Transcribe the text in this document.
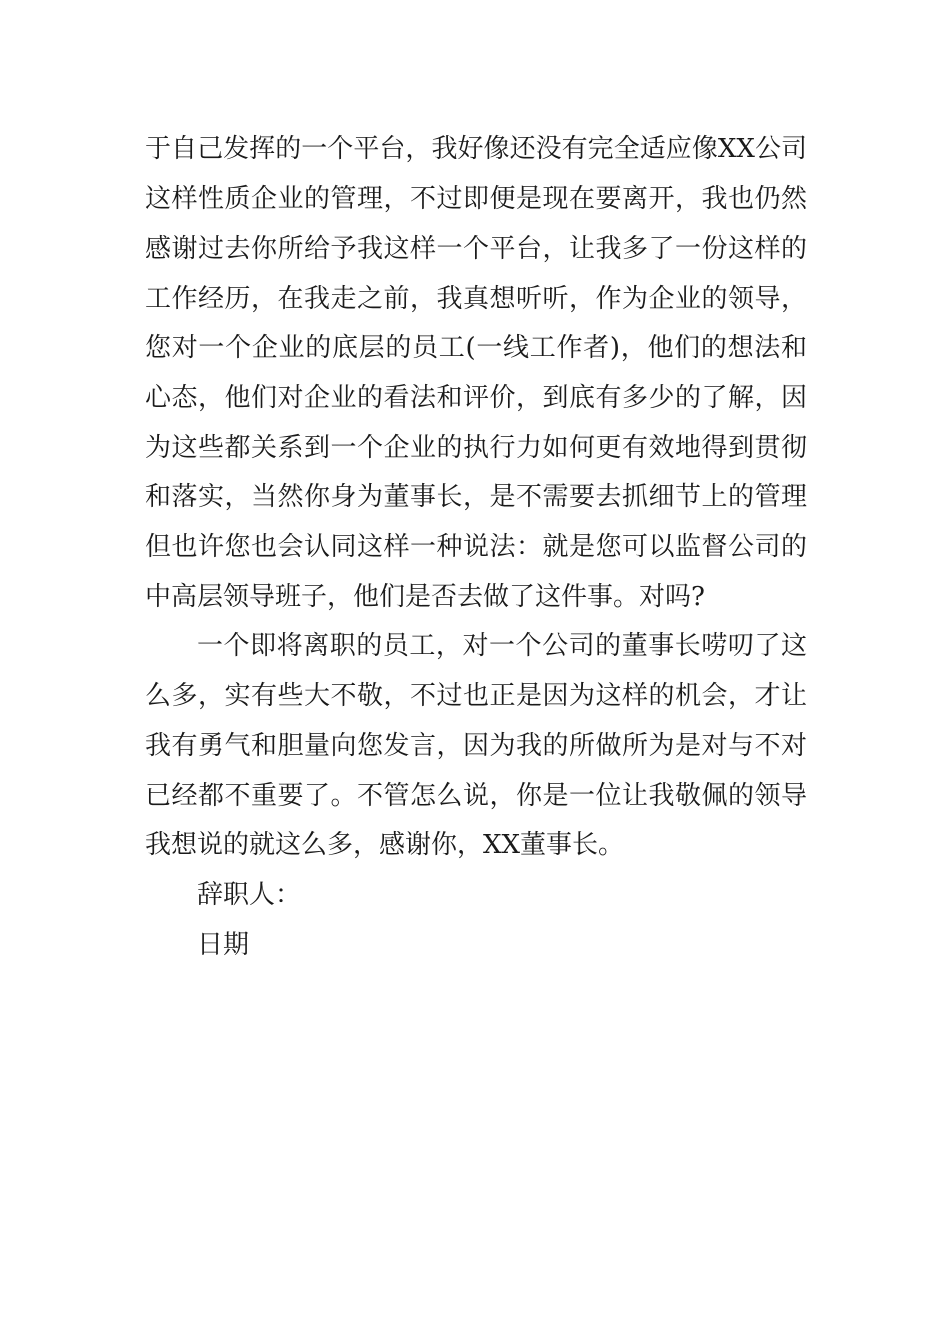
于自己发挥的一个平台，我好像还没有完全适应像XX公司
这样性质企业的管理，不过即便是现在要离开，我也仍然
感谢过去你所给予我这样一个平台，让我多了一份这样的
工作经历，在我走之前，我真想听听，作为企业的领导，
您对一个企业的底层的员工(一线工作者)，他们的想法和
心态，他们对企业的看法和评价，到底有多少的了解，因
为这些都关系到一个企业的执行力如何更有效地得到贯彻
和落实，当然你身为董事长，是不需要去抓细节上的管理
但也许您也会认同这样一种说法：就是您可以监督公司的
中高层领导班子，他们是否去做了这件事。对吗?
一个即将离职的员工，对一个公司的董事长唠叨了这
么多，实有些大不敬，不过也正是因为这样的机会，才让
我有勇气和胆量向您发言，因为我的所做所为是对与不对
已经都不重要了。不管怎么说，你是一位让我敬佩的领导
我想说的就这么多，感谢你，XX董事长。
辞职人：
日期
